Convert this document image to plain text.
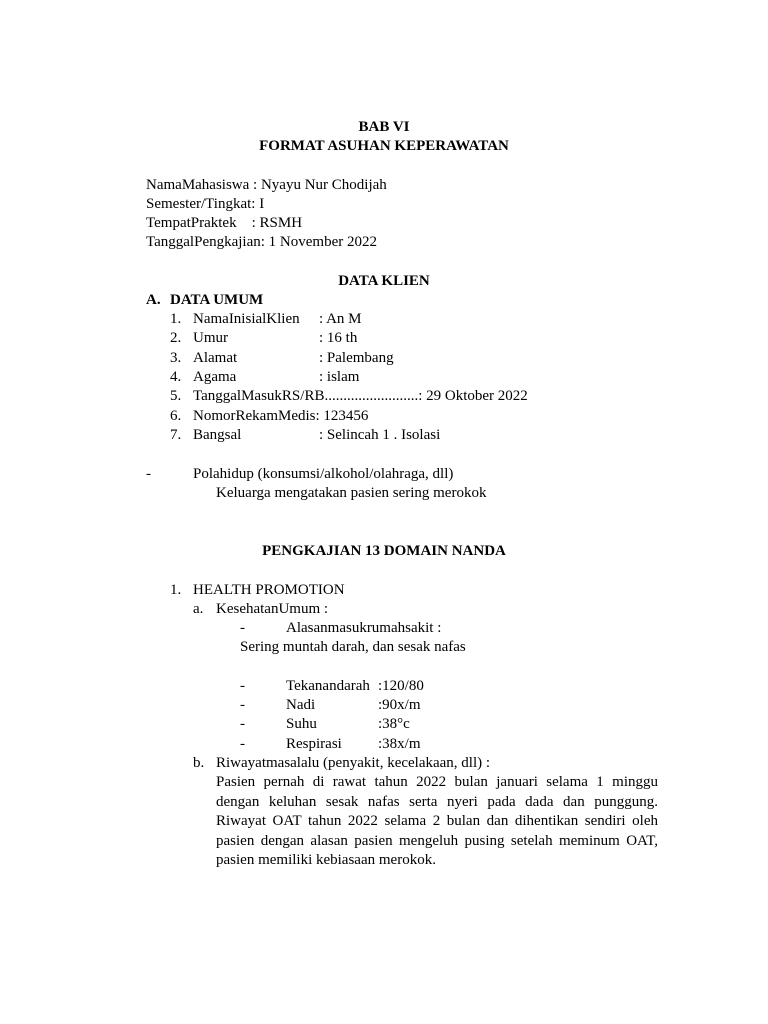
BAB VI
FORMAT ASUHAN KEPERAWATAN
NamaMahasiswa : Nyayu Nur Chodijah
Semester/Tingkat: I
TempatPraktek    : RSMH
TanggalPengkajian: 1 November 2022
DATA KLIEN
A. DATA UMUM
1. NamaInisialKlien : An M
2. Umur	: 16 th
3. Alamat	: Palembang
4. Agama	: islam
5. TanggalMasukRS/RB.........................: 29 Oktober 2022
6. NomorRekamMedis: 123456
7. Bangsal	: Selincah 1 . Isolasi
-	Polahidup (konsumsi/alkohol/olahraga, dll)
Keluarga mengatakan pasien sering merokok
PENGKAJIAN 13 DOMAIN NANDA
1. HEALTH PROMOTION
a. KesehatanUmum :
-	Alasanmasukrumahsakit :
Sering muntah darah, dan sesak nafas
-	Tekanandarah :120/80
-	Nadi	:90x/m
-	Suhu	:38°c
-	Respirasi :38x/m
b. Riwayatmasalalu (penyakit, kecelakaan, dll) :
Pasien pernah di rawat tahun 2022 bulan januari selama 1 minggu dengan keluhan sesak nafas serta nyeri pada dada dan punggung. Riwayat OAT tahun 2022 selama 2 bulan dan dihentikan sendiri oleh pasien dengan alasan pasien mengeluh pusing setelah meminum OAT, pasien memiliki kebiasaan merokok.
